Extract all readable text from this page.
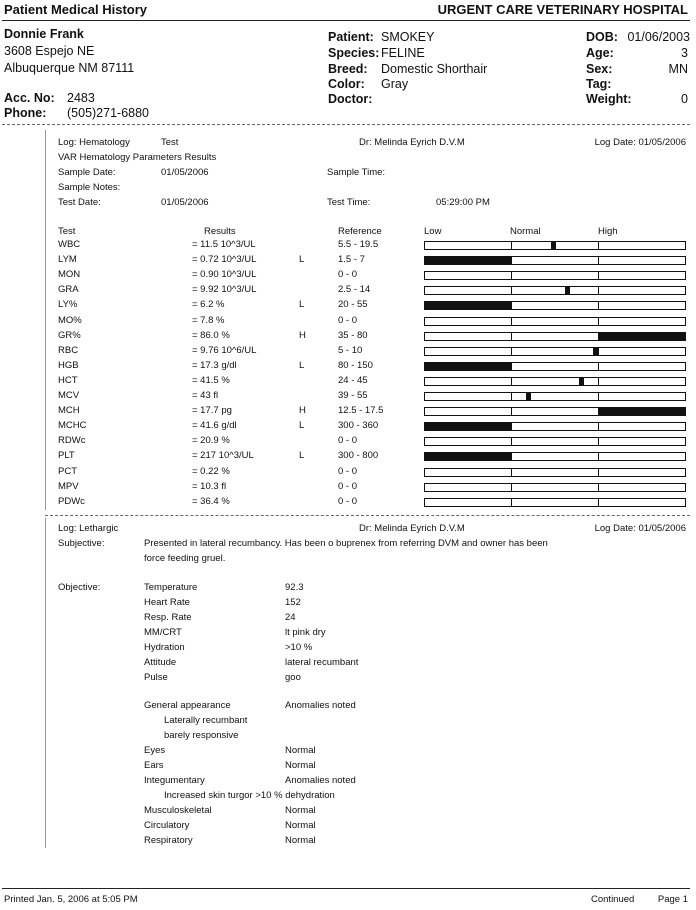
Patient Medical History	URGENT CARE VETERINARY HOSPITAL
Donnie Frank
3608 Espejo NE
Albuquerque NM 87111
Acc. No: 2483
Phone: (505)271-6880
Patient: SMOKEY
Species: FELINE
Breed: Domestic Shorthair
Color: Gray
Doctor:
DOB: 01/06/2003
Age:	3
Sex:	MN
Tag:
Weight:	0
Log: Hematology	Test	Dr: Melinda Eyrich D.V.M	Log Date: 01/05/2006
VAR Hematology Parameters Results
Sample Date:	01/05/2006	Sample Time:
Sample Notes:
Test Date:	01/05/2006	Test Time:	05:29:00 PM
Test	Results	Reference	Low	Normal	High
WBC	= 11.5 10^3/UL	5.5 - 19.5
LYM	= 0.72 10^3/UL	L	1.5 - 7
MON	= 0.90 10^3/UL	0 - 0
GRA	= 9.92 10^3/UL	2.5 - 14
LY%	= 6.2 %	L	20 - 55
MO%	= 7.8 %	0 - 0
GR%	= 86.0 %	H	35 - 80
RBC	= 9.76 10^6/UL	5 - 10
HGB	= 17.3 g/dl	L	80 - 150
HCT	= 41.5 %	24 - 45
MCV	= 43 fl	39 - 55
MCH	= 17.7 pg	H	12.5 - 17.5
MCHC	= 41.6 g/dl	L	300 - 360
RDWc	= 20.9 %	0 - 0
PLT	= 217 10^3/UL	L	300 - 800
PCT	= 0.22 %	0 - 0
MPV	= 10.3 fl	0 - 0
PDWc	= 36.4 %	0 - 0
Log: Lethargic	Dr: Melinda Eyrich D.V.M	Log Date: 01/05/2006
Subjective:	Presented in lateral recumbancy. Has been o buprenex from referring DVM and owner has been
force feeding gruel.
Objective:	Temperature	92.3
Heart Rate	152
Resp. Rate	24
MM/CRT	lt pink dry
Hydration	>10 %
Attitude	lateral recumbant
Pulse	goo
General appearance	Anomalies noted
Laterally recumbant
barely responsive
Eyes	Normal
Ears	Normal
Integumentary	Anomalies noted
Increased skin turgor >10 % dehydration
Musculoskeletal	Normal
Circulatory	Normal
Respiratory	Normal
Printed Jan. 5, 2006 at 5:05 PM	Continued Page 1
